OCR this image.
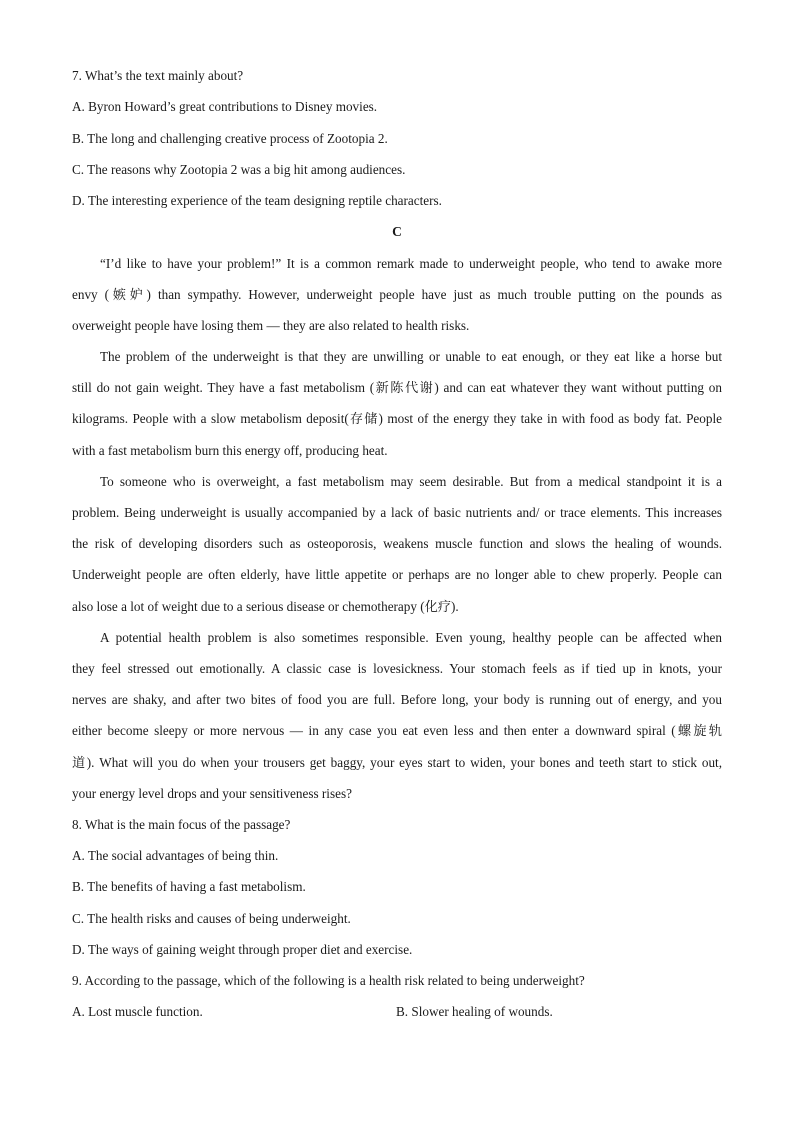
7. What’s the text mainly about?
A. Byron Howard’s great contributions to Disney movies.
B. The long and challenging creative process of Zootopia 2.
C. The reasons why Zootopia 2 was a big hit among audiences.
D. The interesting experience of the team designing reptile characters.
C
“I’d like to have your problem!” It is a common remark made to underweight people, who tend to awake more
envy (嫉妒) than sympathy. However, underweight people have just as much trouble putting on the pounds as
overweight people have losing them — they are also related to health risks.
The problem of the underweight is that they are unwilling or unable to eat enough, or they eat like a horse but
still do not gain weight. They have a fast metabolism (新陈代谢) and can eat whatever they want without putting on
kilograms. People with a slow metabolism deposit(存储) most of the energy they take in with food as body fat. People
with a fast metabolism burn this energy off, producing heat.
To someone who is overweight, a fast metabolism may seem desirable. But from a medical standpoint it is a
problem. Being underweight is usually accompanied by a lack of basic nutrients and/ or trace elements. This increases
the risk of developing disorders such as osteoporosis, weakens muscle function and slows the healing of wounds.
Underweight people are often elderly, have little appetite or perhaps are no longer able to chew properly. People can
also lose a lot of weight due to a serious disease or chemotherapy (化疗).
A potential health problem is also sometimes responsible. Even young, healthy people can be affected when
they feel stressed out emotionally. A classic case is lovesickness. Your stomach feels as if tied up in knots, your
nerves are shaky, and after two bites of food you are full. Before long, your body is running out of energy, and you
either become sleepy or more nervous — in any case you eat even less and then enter a downward spiral (螺旋轨
道). What will you do when your trousers get baggy, your eyes start to widen, your bones and teeth start to stick out,
your energy level drops and your sensitiveness rises?
8. What is the main focus of the passage?
A. The social advantages of being thin.
B. The benefits of having a fast metabolism.
C. The health risks and causes of being underweight.
D. The ways of gaining weight through proper diet and exercise.
9. According to the passage, which of the following is a health risk related to being underweight?
A. Lost muscle function.	B. Slower healing of wounds.
